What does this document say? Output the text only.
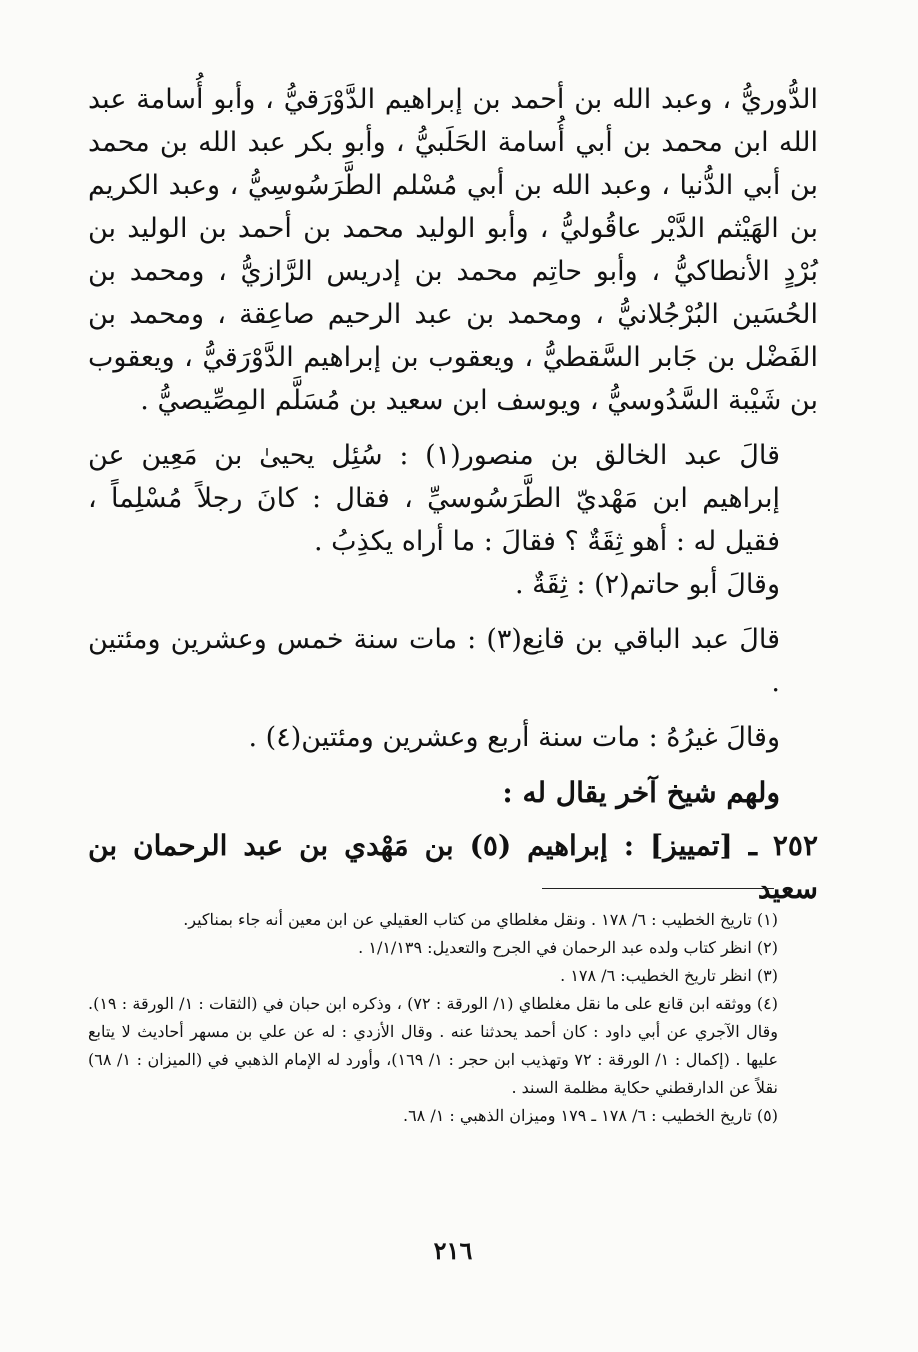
الدُّوريُّ ، وعبد الله بن أحمد بن إبراهيم الدَّوْرَقيُّ ، وأبو أُسامة عبد الله ابن محمد بن أبي أُسامة الحَلَبيُّ ، وأبو بكر عبد الله بن محمد بن أبي الدُّنيا ، وعبد الله بن أبي مُسْلم الطَّرَسُوسِيُّ ، وعبد الكريم بن الهَيْثم الدَّيْر عاقُوليُّ ، وأبو الوليد محمد بن أحمد بن الوليد بن بُرْدٍ الأنطاكيُّ ، وأبو حاتِم محمد بن إدريس الرَّازيُّ ، ومحمد بن الحُسَين البُرْجُلانيُّ ، ومحمد بن عبد الرحيم صاعِقة ، ومحمد بن الفَضْل بن جَابر السَّقطيُّ ، ويعقوب بن إبراهيم الدَّوْرَقيُّ ، ويعقوب بن شَيْبة السَّدُوسيُّ ، ويوسف ابن سعيد بن مُسَلَّم المِصِّيصيُّ .

قالَ عبد الخالق بن منصور(١) : سُئِل يحيىٰ بن مَعِين عن إبراهيم ابن مَهْديّ الطَّرَسُوسيِّ ، فقال : كانَ رجلاً مُسْلِماً ، فقيل له : أهو ثِقَةٌ ؟ فقالَ : ما أراه يكذِبُ .

وقالَ أبو حاتم(٢) : ثِقَةٌ .

قالَ عبد الباقي بن قانِع(٣) : مات سنة خمس وعشرين ومئتين .

وقالَ غيرُهُ : مات سنة أربع وعشرين ومئتين(٤) .

ولهم شيخ آخر يقال له :

٢٥٢ ـ [تمييز] : إبراهيم (٥) بن مَهْدي بن عبد الرحمان بن سعيد

(١) تاريخ الخطيب : ٦/ ١٧٨ . ونقل مغلطاي من كتاب العقيلي عن ابن معين أنه جاء بمناكير.

(٢) انظر كتاب ولده عبد الرحمان في الجرح والتعديل: ١/١/١٣٩ .

(٣) انظر تاريخ الخطيب: ٦/ ١٧٨ .

(٤) ووثقه ابن قانع على ما نقل مغلطاي (١/ الورقة : ٧٢) ، وذكره ابن حبان في (الثقات : ١/ الورقة : ١٩). وقال الآجري عن أبي داود : كان أحمد يحدثنا عنه . وقال الأزدي : له عن علي بن مسهر أحاديث لا يتابع عليها . (إكمال : ١/ الورقة : ٧٢ وتهذيب ابن حجر : ١/ ١٦٩)، وأورد له الإمام الذهبي في (الميزان : ١/ ٦٨) نقلاً عن الدارقطني حكاية مظلمة السند .

(٥) تاريخ الخطيب : ٦/ ١٧٨ ـ ١٧٩ وميزان الذهبي : ١/ ٦٨.

٢١٦
